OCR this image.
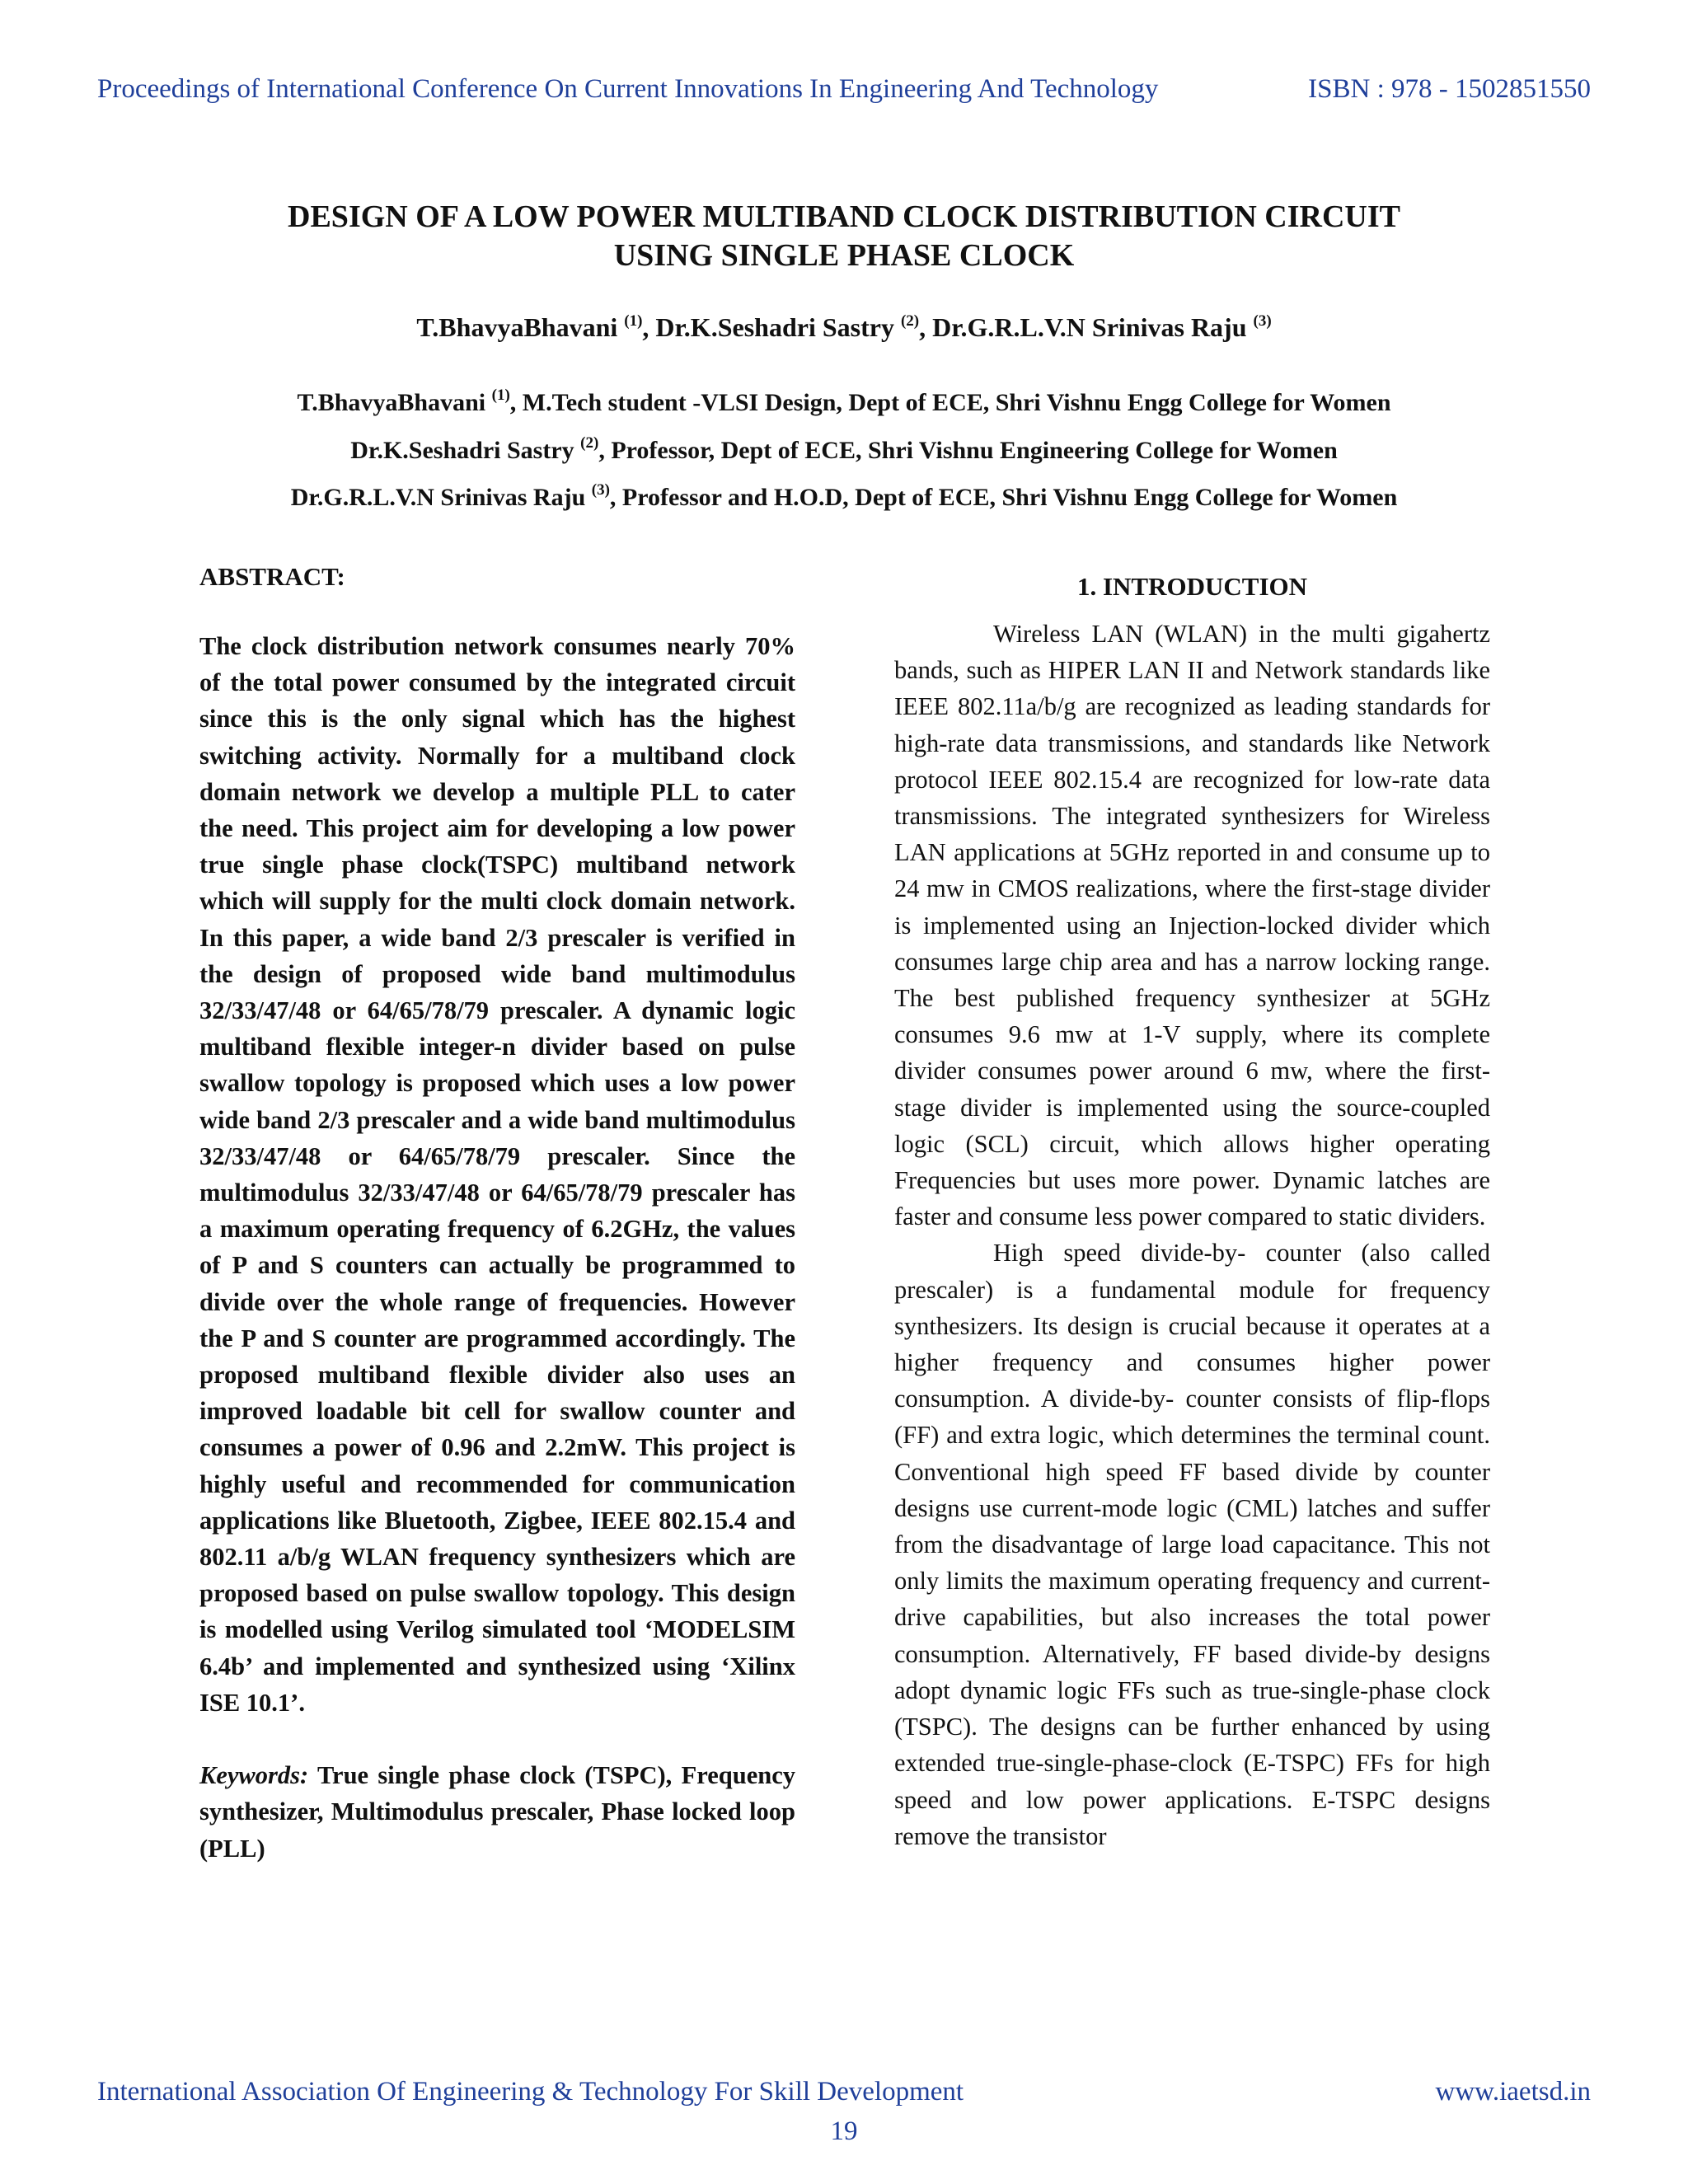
Proceedings of International Conference On Current Innovations In Engineering And Technology	ISBN : 978 - 1502851550
DESIGN OF A LOW POWER MULTIBAND CLOCK DISTRIBUTION CIRCUIT
USING SINGLE PHASE CLOCK
T.BhavyaBhavani $^{(1)}$, Dr.K.Seshadri Sastry $^{(2)}$, Dr.G.R.L.V.N Srinivas Raju $^{(3)}$
T.BhavyaBhavani $^{(1)}$, M.Tech student -VLSI Design, Dept of ECE, Shri Vishnu Engg College for Women
Dr.K.Seshadri Sastry $^{(2)}$, Professor, Dept of ECE, Shri Vishnu Engineering College for Women
Dr.G.R.L.V.N Srinivas Raju $^{(3)}$, Professor and H.O.D, Dept of ECE, Shri Vishnu Engg College for Women
ABSTRACT:

The clock distribution network consumes nearly 70% of the total power consumed by the integrated circuit since this is the only signal which has the highest switching activity. Normally for a multiband clock domain network we develop a multiple PLL to cater the need. This project aim for developing a low power true single phase clock(TSPC) multiband network which will supply for the multi clock domain network. In this paper, a wide band 2/3 prescaler is verified in the design of proposed wide band multimodulus 32/33/47/48 or 64/65/78/79 prescaler. A dynamic logic multiband flexible integer-n divider based on pulse swallow topology is proposed which uses a low power wide band 2/3 prescaler and a wide band multimodulus 32/33/47/48 or 64/65/78/79 prescaler. Since the multimodulus 32/33/47/48 or 64/65/78/79 prescaler has a maximum operating frequency of 6.2GHz, the values of P and S counters can actually be programmed to divide over the whole range of frequencies. However the P and S counter are programmed accordingly. The proposed multiband flexible divider also uses an improved loadable bit cell for swallow counter and consumes a power of 0.96 and 2.2mW. This project is highly useful and recommended for communication applications like Bluetooth, Zigbee, IEEE 802.15.4 and 802.11 a/b/g WLAN frequency synthesizers which are proposed based on pulse swallow topology. This design is modelled using Verilog simulated tool ‘MODELSIM 6.4b’ and implemented and synthesized using ‘Xilinx ISE 10.1’.

Keywords: True single phase clock (TSPC), Frequency synthesizer, Multimodulus prescaler, Phase locked loop (PLL)

1. INTRODUCTION

Wireless LAN (WLAN) in the multi gigahertz bands, such as HIPER LAN II and Network standards like IEEE 802.11a/b/g are recognized as leading standards for high-rate data transmissions, and standards like Network protocol IEEE 802.15.4 are recognized for low-rate data transmissions. The integrated synthesizers for Wireless LAN applications at 5GHz reported in and consume up to 24 mw in CMOS realizations, where the first-stage divider is implemented using an Injection-locked divider which consumes large chip area and has a narrow locking range. The best published frequency synthesizer at 5GHz consumes 9.6 mw at 1-V supply, where its complete divider consumes power around 6 mw, where the first-stage divider is implemented using the source-coupled logic (SCL) circuit, which allows higher operating Frequencies but uses more power. Dynamic latches are faster and consume less power compared to static dividers.

High speed divide-by- counter (also called prescaler) is a fundamental module for frequency synthesizers. Its design is crucial because it operates at a higher frequency and consumes higher power consumption. A divide-by- counter consists of flip-flops (FF) and extra logic, which determines the terminal count. Conventional high speed FF based divide by counter designs use current-mode logic (CML) latches and suffer from the disadvantage of large load capacitance. This not only limits the maximum operating frequency and current-drive capabilities, but also increases the total power consumption. Alternatively, FF based divide-by designs adopt dynamic logic FFs such as true-single-phase clock (TSPC). The designs can be further enhanced by using extended true-single-phase-clock (E-TSPC) FFs for high speed and low power applications. E-TSPC designs remove the transistor

International Association Of Engineering & Technology For Skill Development	www.iaetsd.in
19
